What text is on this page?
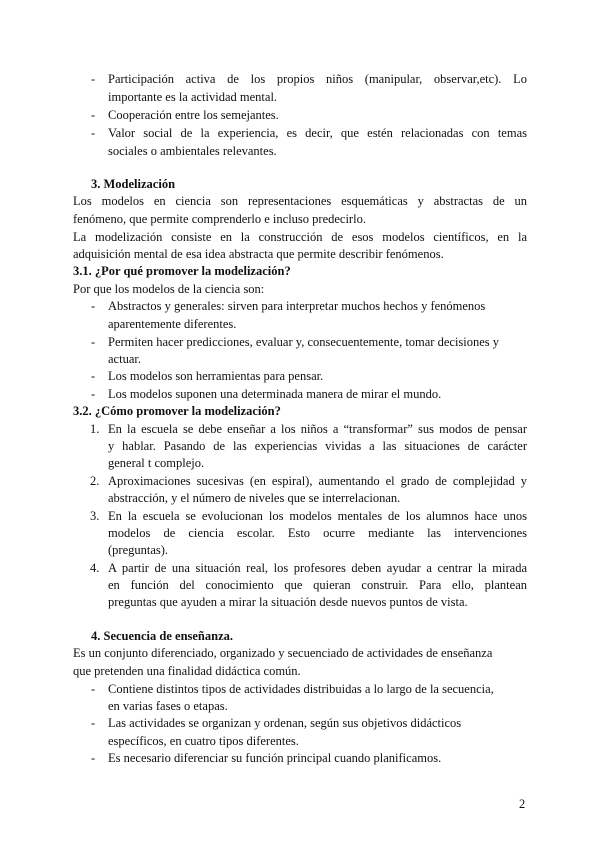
- Participación activa de los propios niños (manipular, observar,etc). Lo
importante es la actividad mental.
- Cooperación entre los semejantes.
- Valor social de la experiencia, es decir, que estén relacionadas con temas
sociales o ambientales relevantes.
3. Modelización
Los modelos en ciencia son representaciones esquemáticas y abstractas de un
fenómeno, que permite comprenderlo e incluso predecirlo.
La modelización consiste en la construcción de esos modelos científicos, en la
adquisición mental de esa idea abstracta que permite describir fenómenos.
3.1. ¿Por qué promover la modelización?
Por que los modelos de la ciencia son:
- Abstractos y generales: sirven para interpretar muchos hechos y fenómenos
aparentemente diferentes.
- Permiten hacer predicciones, evaluar y, consecuentemente, tomar decisiones y
actuar.
- Los modelos son herramientas para pensar.
- Los modelos suponen una determinada manera de mirar el mundo.
3.2. ¿Cómo promover la modelización?
1. En la escuela se debe enseñar a los niños a “transformar” sus modos de pensar
y hablar. Pasando de las experiencias vividas a las situaciones de carácter
general t complejo.
2. Aproximaciones sucesivas (en espiral), aumentando el grado de complejidad y
abstracción, y el número de niveles que se interrelacionan.
3. En la escuela se evolucionan los modelos mentales de los alumnos hace unos
modelos de ciencia escolar. Esto ocurre mediante las intervenciones
(preguntas).
4. A partir de una situación real, los profesores deben ayudar a centrar la mirada
en función del conocimiento que quieran construir. Para ello, plantean
preguntas que ayuden a mirar la situación desde nuevos puntos de vista.
4. Secuencia de enseñanza.
Es un conjunto diferenciado, organizado y secuenciado de actividades de enseñanza
que pretenden una finalidad didáctica común.
- Contiene distintos tipos de actividades distribuidas a lo largo de la secuencia,
en varias fases o etapas.
- Las actividades se organizan y ordenan, según sus objetivos didácticos
específicos, en cuatro tipos diferentes.
- Es necesario diferenciar su función principal cuando planificamos.
2
